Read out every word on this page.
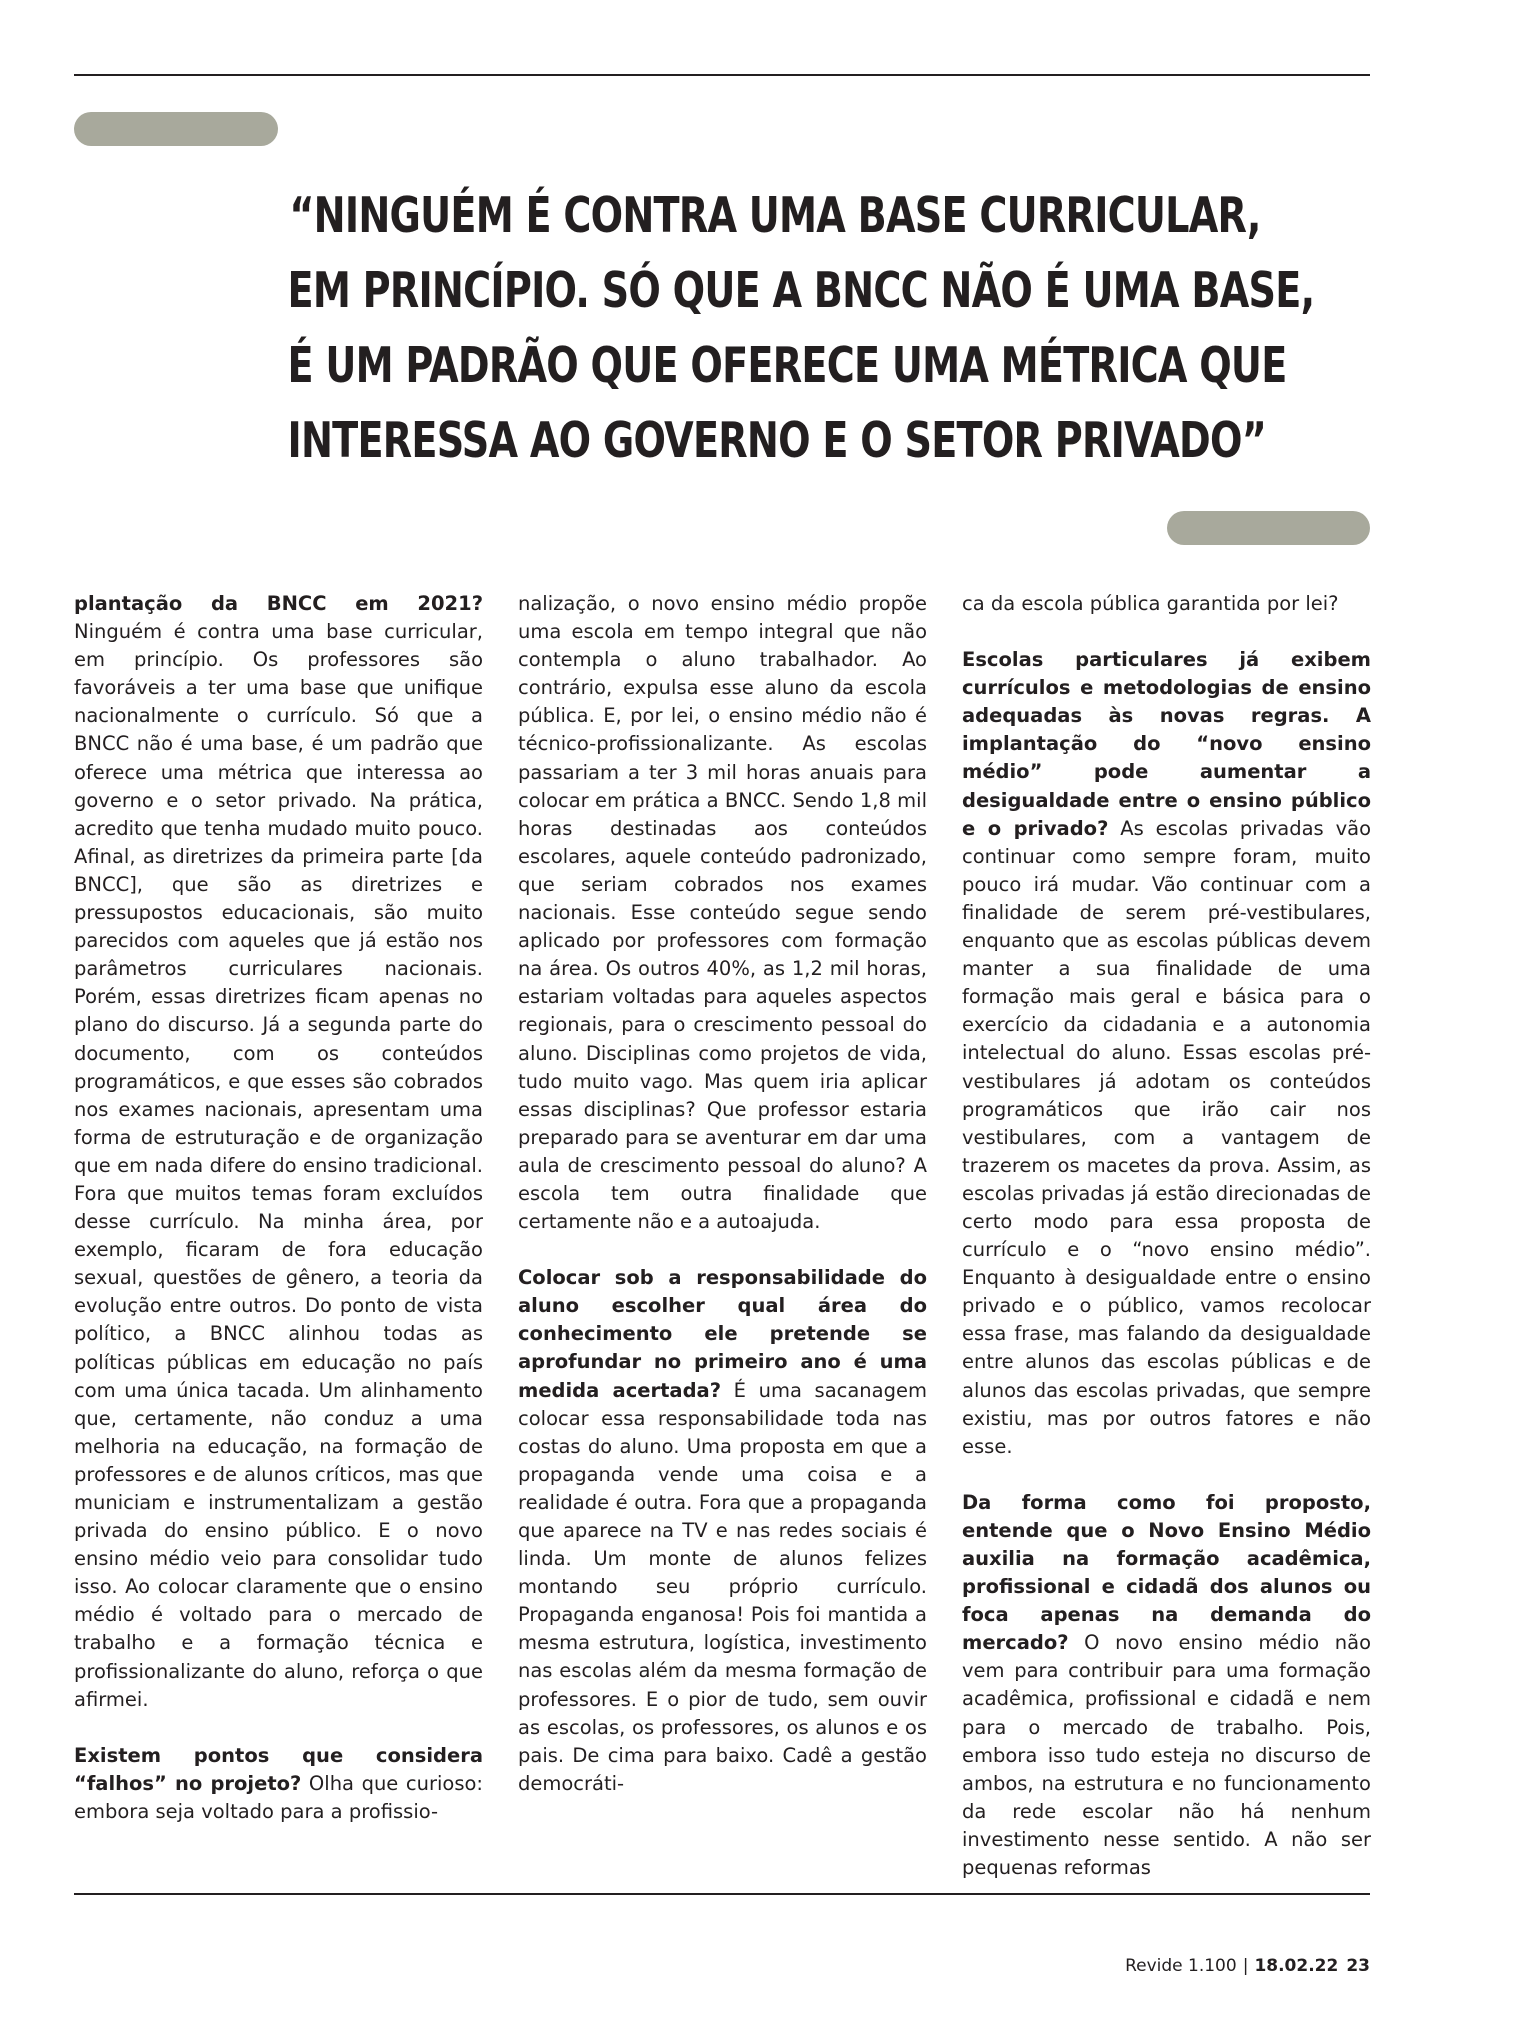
“NINGUÉM É CONTRA UMA BASE CURRICULAR,
EM PRINCÍPIO. SÓ QUE A BNCC NÃO É UMA BASE,
É UM PADRÃO QUE OFERECE UMA MÉTRICA QUE
INTERESSA AO GOVERNO E O SETOR PRIVADO”

plantação da BNCC em 2021? Ninguém é contra uma base curricular, em princípio. Os professores são favoráveis a ter uma base que unifique nacionalmente o currículo. Só que a BNCC não é uma base, é um padrão que oferece uma métrica que interessa ao governo e o setor privado. Na prática, acredito que tenha mudado muito pouco. Afinal, as diretrizes da primeira parte [da BNCC], que são as diretrizes e pressupostos educacionais, são muito parecidos com aqueles que já estão nos parâmetros curriculares nacionais. Porém, essas diretrizes ficam apenas no plano do discurso. Já a segunda parte do documento, com os conteúdos programáticos, e que esses são cobrados nos exames nacionais, apresentam uma forma de estruturação e de organização que em nada difere do ensino tradicional. Fora que muitos temas foram excluídos desse currículo. Na minha área, por exemplo, ficaram de fora educação sexual, questões de gênero, a teoria da evolução entre outros. Do ponto de vista político, a BNCC alinhou todas as políticas públicas em educação no país com uma única tacada. Um alinhamento que, certamente, não conduz a uma melhoria na educação, na formação de professores e de alunos críticos, mas que municiam e instrumentalizam a gestão privada do ensino público. E o novo ensino médio veio para consolidar tudo isso. Ao colocar claramente que o ensino médio é voltado para o mercado de trabalho e a formação técnica e profissionalizante do aluno, reforça o que afirmei.

Existem pontos que considera “falhos” no projeto? Olha que curioso: embora seja voltado para a profissio-

nalização, o novo ensino médio propõe uma escola em tempo integral que não contempla o aluno trabalhador. Ao contrário, expulsa esse aluno da escola pública. E, por lei, o ensino médio não é técnico-profissionalizante. As escolas passariam a ter 3 mil horas anuais para colocar em prática a BNCC. Sendo 1,8 mil horas destinadas aos conteúdos escolares, aquele conteúdo padronizado, que seriam cobrados nos exames nacionais. Esse conteúdo segue sendo aplicado por professores com formação na área. Os outros 40%, as 1,2 mil horas, estariam voltadas para aqueles aspectos regionais, para o crescimento pessoal do aluno. Disciplinas como projetos de vida, tudo muito vago. Mas quem iria aplicar essas disciplinas? Que professor estaria preparado para se aventurar em dar uma aula de crescimento pessoal do aluno? A escola tem outra finalidade que certamente não e a autoajuda.

Colocar sob a responsabilidade do aluno escolher qual área do conhecimento ele pretende se aprofundar no primeiro ano é uma medida acertada? É uma sacanagem colocar essa responsabilidade toda nas costas do aluno. Uma proposta em que a propaganda vende uma coisa e a realidade é outra. Fora que a propaganda que aparece na TV e nas redes sociais é linda. Um monte de alunos felizes montando seu próprio currículo. Propaganda enganosa! Pois foi mantida a mesma estrutura, logística, investimento nas escolas além da mesma formação de professores. E o pior de tudo, sem ouvir as escolas, os professores, os alunos e os pais. De cima para baixo. Cadê a gestão democráti-

ca da escola pública garantida por lei?

Escolas particulares já exibem currículos e metodologias de ensino adequadas às novas regras. A implantação do “novo ensino médio” pode aumentar a desigualdade entre o ensino público e o privado? As escolas privadas vão continuar como sempre foram, muito pouco irá mudar. Vão continuar com a finalidade de serem pré-vestibulares, enquanto que as escolas públicas devem manter a sua finalidade de uma formação mais geral e básica para o exercício da cidadania e a autonomia intelectual do aluno. Essas escolas pré-vestibulares já adotam os conteúdos programáticos que irão cair nos vestibulares, com a vantagem de trazerem os macetes da prova. Assim, as escolas privadas já estão direcionadas de certo modo para essa proposta de currículo e o “novo ensino médio”. Enquanto à desigualdade entre o ensino privado e o público, vamos recolocar essa frase, mas falando da desigualdade entre alunos das escolas públicas e de alunos das escolas privadas, que sempre existiu, mas por outros fatores e não esse.

Da forma como foi proposto, entende que o Novo Ensino Médio auxilia na formação acadêmica, profissional e cidadã dos alunos ou foca apenas na demanda do mercado? O novo ensino médio não vem para contribuir para uma formação acadêmica, profissional e cidadã e nem para o mercado de trabalho. Pois, embora isso tudo esteja no discurso de ambos, na estrutura e no funcionamento da rede escolar não há nenhum investimento nesse sentido. A não ser pequenas reformas

Revide 1.100 | 18.02.22 23
